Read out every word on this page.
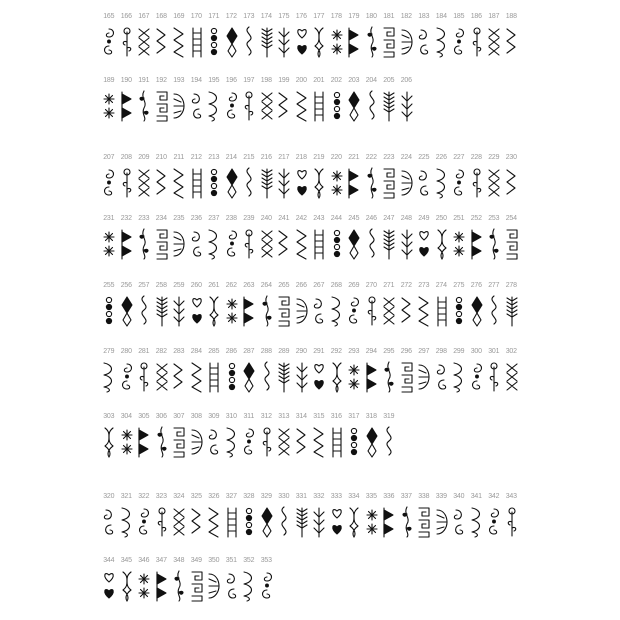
165 166 167 168 169 170 171 172 173 174 175 176 177 178 179 180 181 182 183 184 185 186 187 188
189 190 191 192 193 194 195 196 197 198 199 200 201 202 203 204 205 206
207 208 209 210 211 212 213 214 215 216 217 218 219 220 221 222 223 224 225 226 227 228 229 230
231 232 233 234 235 236 237 238 239 240 241 242 243 244 245 246 247 248 249 250 251 252 253 254
255 256 257 258 259 260 261 262 263 264 265 266 267 268 269 270 271 272 273 274 275 276 277 278
279 280 281 282 283 284 285 286 287 288 289 290 291 292 293 294 295 296 297 298 299 300 301 302
303 304 305 306 307 308 309 310 311 312 313 314 315 316 317 318 319
320 321 322 323 324 325 326 327 328 329 330 331 332 333 334 335 336 337 338 339 340 341 342 343
344 345 346 347 348 349 350 351 352 353
